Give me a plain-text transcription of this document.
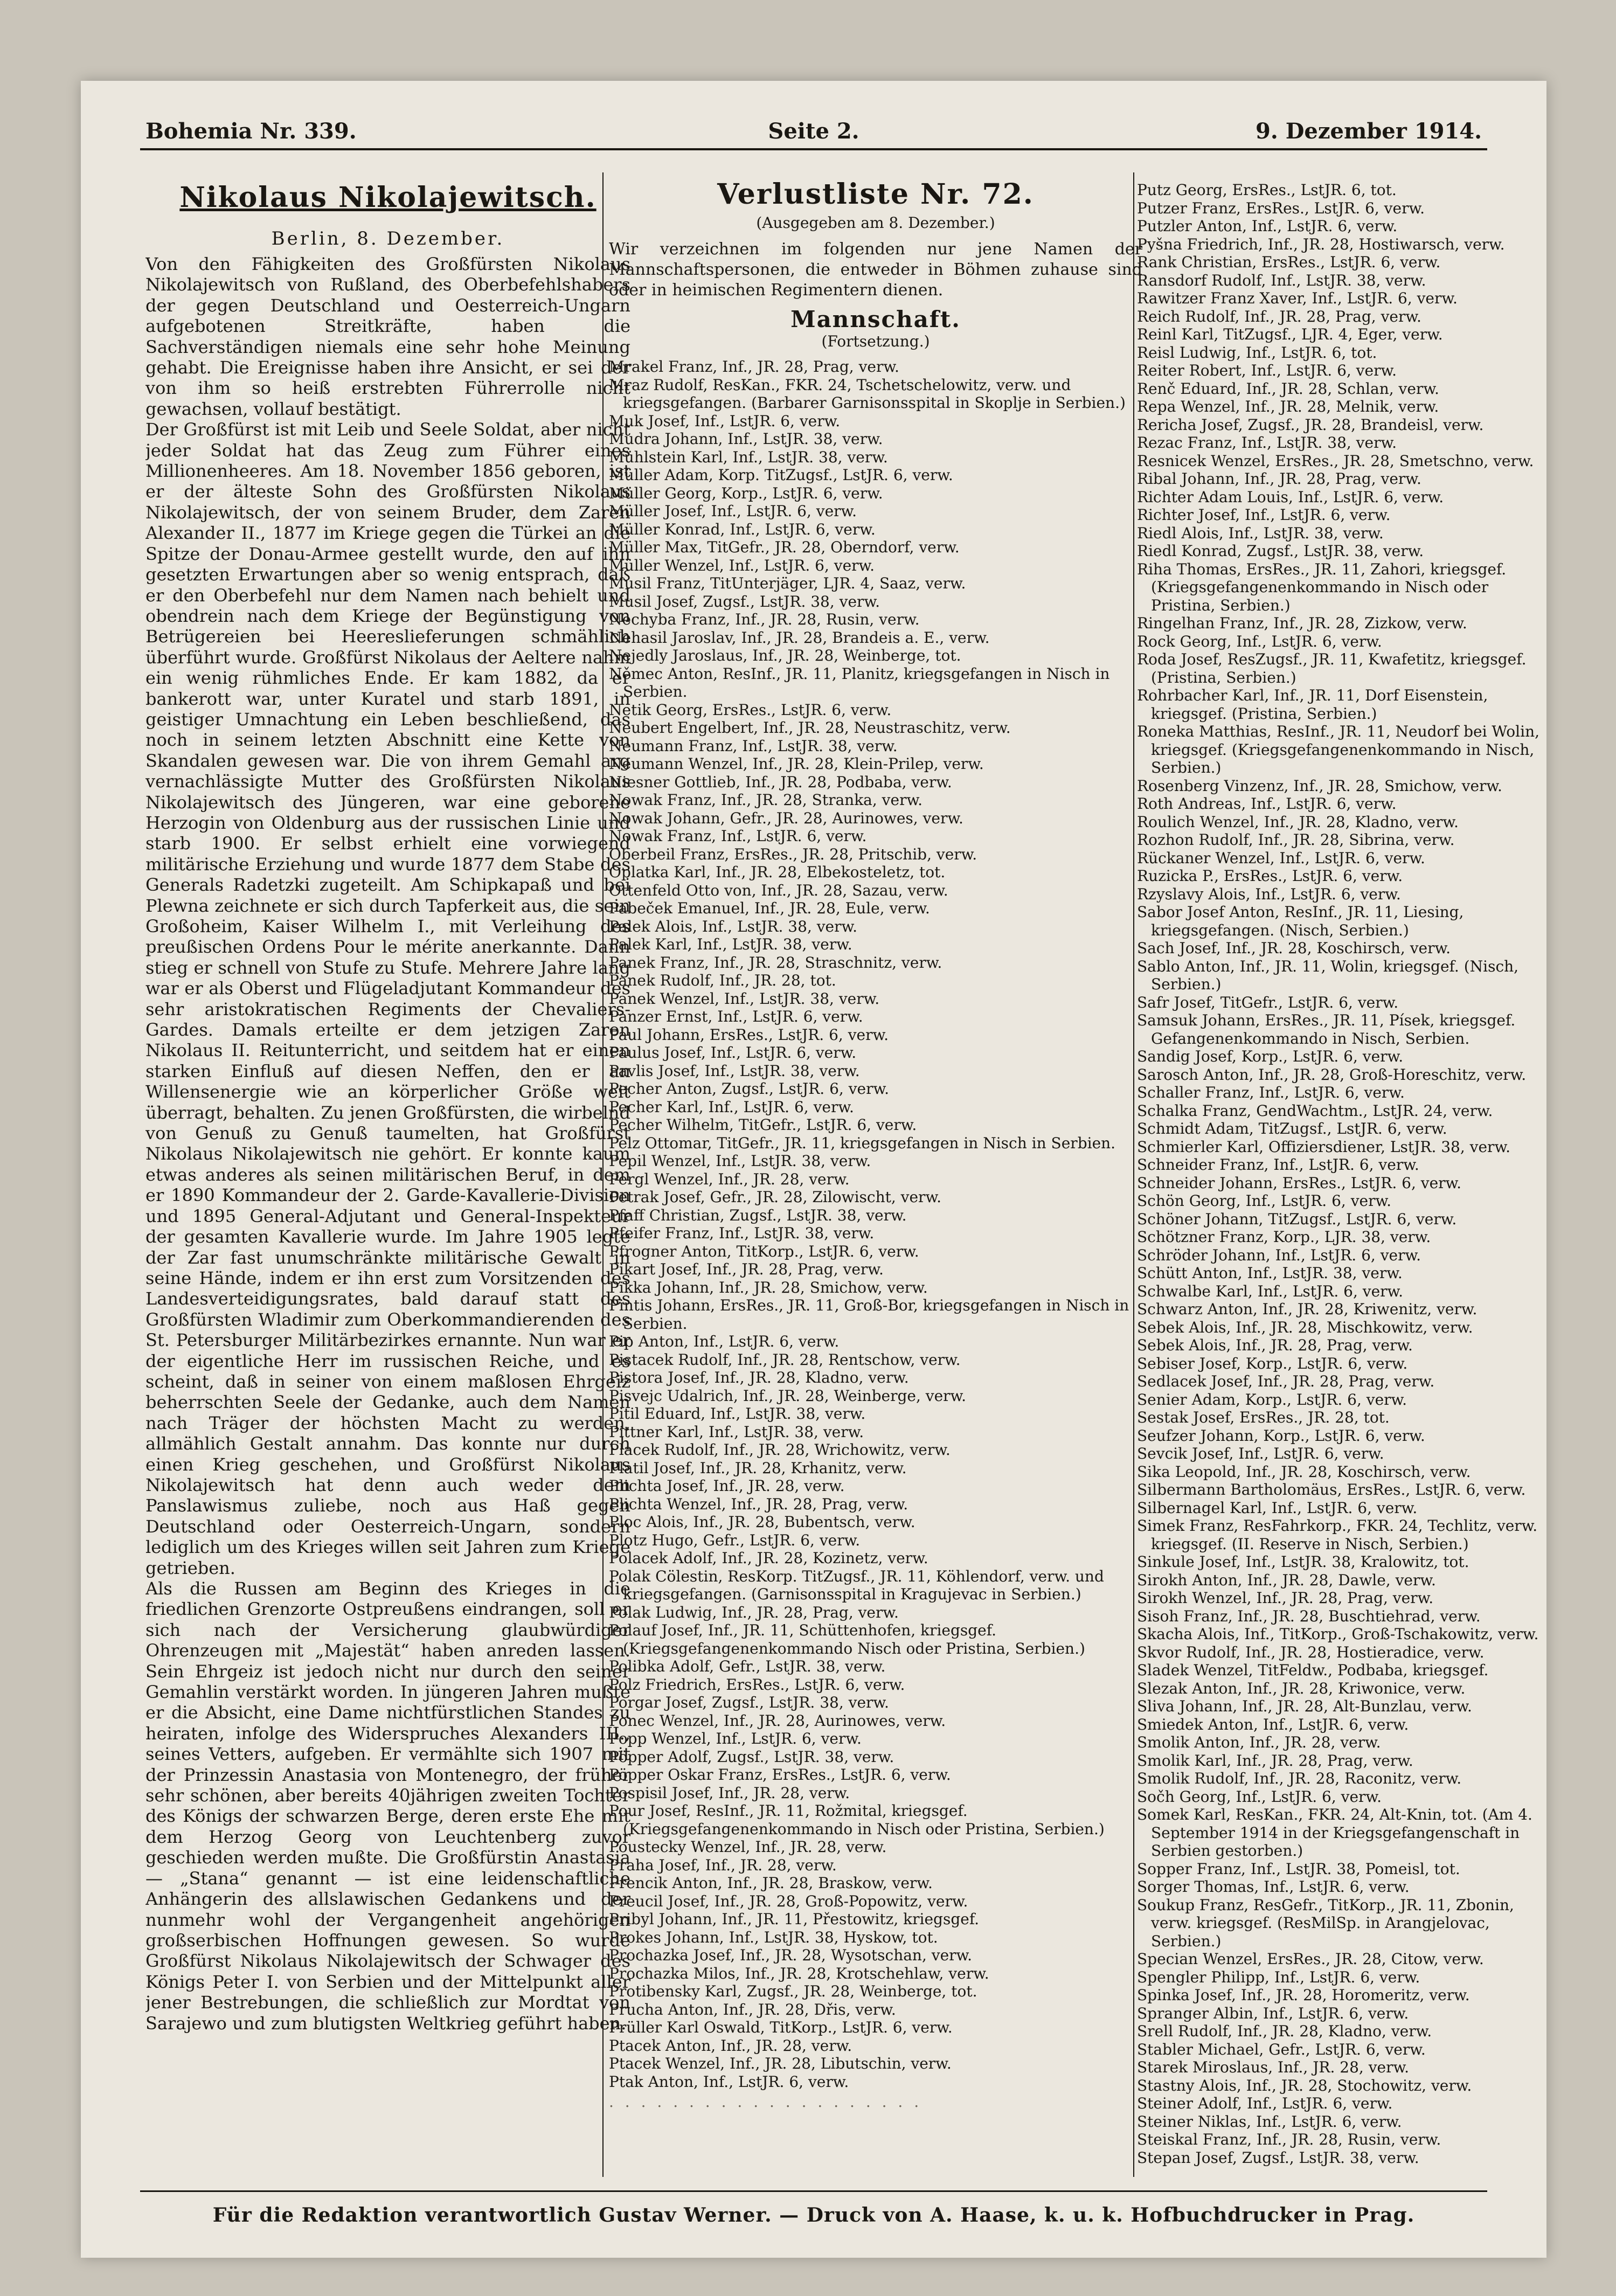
Bohemia Nr. 339.	Seite 2.	9. Dezember 1914.
Nikolaus Nikolajewitsch.
Berlin, 8. Dezember.
Von den Fähigkeiten des Großfürsten Nikolaus Nikolajewitsch von Rußland, des Oberbefehlshabers der gegen Deutschland und Oesterreich-Ungarn aufgebotenen Streitkräfte, haben die Sachverständigen niemals eine sehr hohe Meinung gehabt. Die Ereignisse haben ihre Ansicht, er sei der von ihm so heiß erstrebten Führerrolle nicht gewachsen, vollauf bestätigt.
Der Großfürst ist mit Leib und Seele Soldat, aber nicht jeder Soldat hat das Zeug zum Führer eines Millionenheeres. Am 18. November 1856 geboren, ist er der älteste Sohn des Großfürsten Nikolaus Nikolajewitsch, der von seinem Bruder, dem Zaren Alexander II., 1877 im Kriege gegen die Türkei an die Spitze der Donau-Armee gestellt wurde, den auf ihn gesetzten Erwartungen aber so wenig entsprach, daß er den Oberbefehl nur dem Namen nach behielt und obendrein nach dem Kriege der Begünstigung von Betrügereien bei Heereslieferungen schmählich überführt wurde. Großfürst Nikolaus der Aeltere nahm ein wenig rühmliches Ende. Er kam 1882, da er bankerott war, unter Kuratel und starb 1891, in geistiger Umnachtung ein Leben beschließend, das noch in seinem letzten Abschnitt eine Kette von Skandalen gewesen war. Die von ihrem Gemahl arg vernachlässigte Mutter des Großfürsten Nikolaus Nikolajewitsch des Jüngeren, war eine geborene Herzogin von Oldenburg aus der russischen Linie und starb 1900. Er selbst erhielt eine vorwiegend militärische Erziehung und wurde 1877 dem Stabe des Generals Radetzki zugeteilt. Am Schipkapaß und bei Plewna zeichnete er sich durch Tapferkeit aus, die sein Großoheim, Kaiser Wilhelm I., mit Verleihung des preußischen Ordens Pour le mérite anerkannte. Dann stieg er schnell von Stufe zu Stufe. Mehrere Jahre lang war er als Oberst und Flügeladjutant Kommandeur des sehr aristokratischen Regiments der Chevaliers-Gardes. Damals erteilte er dem jetzigen Zaren Nikolaus II. Reitunterricht, und seitdem hat er einen starken Einfluß auf diesen Neffen, den er an Willensenergie wie an körperlicher Größe weit überragt, behalten. Zu jenen Großfürsten, die wirbelnd von Genuß zu Genuß taumelten, hat Großfürst Nikolaus Nikolajewitsch nie gehört. Er konnte kaum etwas anderes als seinen militärischen Beruf, in dem er 1890 Kommandeur der 2. Garde-Kavallerie-Division und 1895 General-Adjutant und General-Inspekteur der gesamten Kavallerie wurde. Im Jahre 1905 legte der Zar fast unumschränkte militärische Gewalt in seine Hände, indem er ihn erst zum Vorsitzenden des Landesverteidigungsrates, bald darauf statt des Großfürsten Wladimir zum Oberkommandierenden des St. Petersburger Militärbezirkes ernannte. Nun war er der eigentliche Herr im russischen Reiche, und es scheint, daß in seiner von einem maßlosen Ehrgeiz beherrschten Seele der Gedanke, auch dem Namen nach Träger der höchsten Macht zu werden, allmählich Gestalt annahm. Das konnte nur durch einen Krieg geschehen, und Großfürst Nikolaus Nikolajewitsch hat denn auch weder dem Panslawismus zuliebe, noch aus Haß gegen Deutschland oder Oesterreich-Ungarn, sondern lediglich um des Krieges willen seit Jahren zum Kriege getrieben.
Als die Russen am Beginn des Krieges in die friedlichen Grenzorte Ostpreußens eindrangen, soll er sich nach der Versicherung glaubwürdiger Ohrenzeugen mit „Majestät“ haben anreden lassen. Sein Ehrgeiz ist jedoch nicht nur durch den seiner Gemahlin verstärkt worden. In jüngeren Jahren mußte er die Absicht, eine Dame nichtfürstlichen Standes zu heiraten, infolge des Widerspruches Alexanders III., seines Vetters, aufgeben. Er vermählte sich 1907 mit der Prinzessin Anastasia von Montenegro, der früher sehr schönen, aber bereits 40jährigen zweiten Tochter des Königs der schwarzen Berge, deren erste Ehe mit dem Herzog Georg von Leuchtenberg zuvor geschieden werden mußte. Die Großfürstin Anastasia — „Stana“ genannt — ist eine leidenschaftliche Anhängerin des allslawischen Gedankens und der nunmehr wohl der Vergangenheit angehörigen großserbischen Hoffnungen gewesen. So wurde Großfürst Nikolaus Nikolajewitsch der Schwager des Königs Peter I. von Serbien und der Mittelpunkt aller jener Bestrebungen, die schließlich zur Mordtat von Sarajewo und zum blutigsten Weltkrieg geführt haben.
Verlustliste Nr. 72.
(Ausgegeben am 8. Dezember.)
Wir verzeichnen im folgenden nur jene Namen der Mannschaftspersonen, die entweder in Böhmen zuhause sind oder in heimischen Regimentern dienen.
Mannschaft.
(Fortsetzung.)
Mrakel Franz, Inf., JR. 28, Prag, verw.
Mraz Rudolf, ResKan., FKR. 24, Tschetschelowitz, verw. und kriegsgefangen. (Barbarer Garnisonsspital in Skoplje in Serbien.)
Muk Josef, Inf., LstJR. 6, verw.
Mudra Johann, Inf., LstJR. 38, verw.
Mühlstein Karl, Inf., LstJR. 38, verw.
Müller Adam, Korp. TitZugsf., LstJR. 6, verw.
Müller Georg, Korp., LstJR. 6, verw.
Müller Josef, Inf., LstJR. 6, verw.
Müller Konrad, Inf., LstJR. 6, verw.
Müller Max, TitGefr., JR. 28, Oberndorf, verw.
Müller Wenzel, Inf., LstJR. 6, verw.
Musil Franz, TitUnterjäger, LJR. 4, Saaz, verw.
Musil Josef, Zugsf., LstJR. 38, verw.
Nechyba Franz, Inf., JR. 28, Rusin, verw.
Nehasil Jaroslav, Inf., JR. 28, Brandeis a. E., verw.
Nejedly Jaroslaus, Inf., JR. 28, Weinberge, tot.
Němec Anton, ResInf., JR. 11, Planitz, kriegsgefangen in Nisch in Serbien.
Netik Georg, ErsRes., LstJR. 6, verw.
Neubert Engelbert, Inf., JR. 28, Neustraschitz, verw.
Neumann Franz, Inf., LstJR. 38, verw.
Neumann Wenzel, Inf., JR. 28, Klein-Prilep, verw.
Niesner Gottlieb, Inf., JR. 28, Podbaba, verw.
Nowak Franz, Inf., JR. 28, Stranka, verw.
Nowak Johann, Gefr., JR. 28, Aurinowes, verw.
Nowak Franz, Inf., LstJR. 6, verw.
Oberbeil Franz, ErsRes., JR. 28, Pritschib, verw.
Oplatka Karl, Inf., JR. 28, Elbekosteletz, tot.
Ottenfeld Otto von, Inf., JR. 28, Sazau, verw.
Pabeček Emanuel, Inf., JR. 28, Eule, verw.
Palek Alois, Inf., LstJR. 38, verw.
Palek Karl, Inf., LstJR. 38, verw.
Panek Franz, Inf., JR. 28, Straschnitz, verw.
Panek Rudolf, Inf., JR. 28, tot.
Panek Wenzel, Inf., LstJR. 38, verw.
Panzer Ernst, Inf., LstJR. 6, verw.
Paul Johann, ErsRes., LstJR. 6, verw.
Paulus Josef, Inf., LstJR. 6, verw.
Pavlis Josef, Inf., LstJR. 38, verw.
Pecher Anton, Zugsf., LstJR. 6, verw.
Pecher Karl, Inf., LstJR. 6, verw.
Pecher Wilhelm, TitGefr., LstJR. 6, verw.
Pelz Ottomar, TitGefr., JR. 11, kriegsgefangen in Nisch in Serbien.
Pepil Wenzel, Inf., LstJR. 38, verw.
Pergl Wenzel, Inf., JR. 28, verw.
Petrak Josef, Gefr., JR. 28, Zilowischt, verw.
Pfaff Christian, Zugsf., LstJR. 38, verw.
Pfeifer Franz, Inf., LstJR. 38, verw.
Pfrogner Anton, TitKorp., LstJR. 6, verw.
Pikart Josef, Inf., JR. 28, Prag, verw.
Pikka Johann, Inf., JR. 28, Smichow, verw.
Pintis Johann, ErsRes., JR. 11, Groß-Bor, kriegsgefangen in Nisch in Serbien.
Pip Anton, Inf., LstJR. 6, verw.
Pistacek Rudolf, Inf., JR. 28, Rentschow, verw.
Pistora Josef, Inf., JR. 28, Kladno, verw.
Pisvejc Udalrich, Inf., JR. 28, Weinberge, verw.
Pitil Eduard, Inf., LstJR. 38, verw.
Pittner Karl, Inf., LstJR. 38, verw.
Placek Rudolf, Inf., JR. 28, Wrichowitz, verw.
Platil Josef, Inf., JR. 28, Krhanitz, verw.
Plichta Josef, Inf., JR. 28, verw.
Plichta Wenzel, Inf., JR. 28, Prag, verw.
Ploc Alois, Inf., JR. 28, Bubentsch, verw.
Plotz Hugo, Gefr., LstJR. 6, verw.
Polacek Adolf, Inf., JR. 28, Kozinetz, verw.
Polak Cölestin, ResKorp. TitZugsf., JR. 11, Köhlendorf, verw. und kriegsgefangen. (Garnisonsspital in Kragujevac in Serbien.)
Polak Ludwig, Inf., JR. 28, Prag, verw.
Polauf Josef, Inf., JR. 11, Schüttenhofen, kriegsgef. (Kriegsgefangenenkommando Nisch oder Pristina, Serbien.)
Polibka Adolf, Gefr., LstJR. 38, verw.
Polz Friedrich, ErsRes., LstJR. 6, verw.
Porgar Josef, Zugsf., LstJR. 38, verw.
Ponec Wenzel, Inf., JR. 28, Aurinowes, verw.
Popp Wenzel, Inf., LstJR. 6, verw.
Pöpper Adolf, Zugsf., LstJR. 38, verw.
Pöpper Oskar Franz, ErsRes., LstJR. 6, verw.
Pospisil Josef, Inf., JR. 28, verw.
Pour Josef, ResInf., JR. 11, Rožmital, kriegsgef. (Kriegsgefangenenkommando in Nisch oder Pristina, Serbien.)
Poustecky Wenzel, Inf., JR. 28, verw.
Praha Josef, Inf., JR. 28, verw.
Prencik Anton, Inf., JR. 28, Braskow, verw.
Preucil Josef, Inf., JR. 28, Groß-Popowitz, verw.
Pribyl Johann, Inf., JR. 11, Přestowitz, kriegsgef.
Prokes Johann, Inf., LstJR. 38, Hyskow, tot.
Prochazka Josef, Inf., JR. 28, Wysotschan, verw.
Prochazka Milos, Inf., JR. 28, Krotschehlaw, verw.
Protibensky Karl, Zugsf., JR. 28, Weinberge, tot.
Prucha Anton, Inf., JR. 28, Dřis, verw.
Prüller Karl Oswald, TitKorp., LstJR. 6, verw.
Ptacek Anton, Inf., JR. 28, verw.
Ptacek Wenzel, Inf., JR. 28, Libutschin, verw.
Ptak Anton, Inf., LstJR. 6, verw.
. . . . . . . . . . . . . . . . . . . .
Putz Georg, ErsRes., LstJR. 6, tot.
Putzer Franz, ErsRes., LstJR. 6, verw.
Putzler Anton, Inf., LstJR. 6, verw.
Pyšna Friedrich, Inf., JR. 28, Hostiwarsch, verw.
Rank Christian, ErsRes., LstJR. 6, verw.
Ransdorf Rudolf, Inf., LstJR. 38, verw.
Rawitzer Franz Xaver, Inf., LstJR. 6, verw.
Reich Rudolf, Inf., JR. 28, Prag, verw.
Reinl Karl, TitZugsf., LJR. 4, Eger, verw.
Reisl Ludwig, Inf., LstJR. 6, tot.
Reiter Robert, Inf., LstJR. 6, verw.
Renč Eduard, Inf., JR. 28, Schlan, verw.
Repa Wenzel, Inf., JR. 28, Melnik, verw.
Rericha Josef, Zugsf., JR. 28, Brandeisl, verw.
Rezac Franz, Inf., LstJR. 38, verw.
Resnicek Wenzel, ErsRes., JR. 28, Smetschno, verw.
Ribal Johann, Inf., JR. 28, Prag, verw.
Richter Adam Louis, Inf., LstJR. 6, verw.
Richter Josef, Inf., LstJR. 6, verw.
Riedl Alois, Inf., LstJR. 38, verw.
Riedl Konrad, Zugsf., LstJR. 38, verw.
Riha Thomas, ErsRes., JR. 11, Zahori, kriegsgef. (Kriegsgefangenenkommando in Nisch oder Pristina, Serbien.)
Ringelhan Franz, Inf., JR. 28, Zizkow, verw.
Rock Georg, Inf., LstJR. 6, verw.
Roda Josef, ResZugsf., JR. 11, Kwafetitz, kriegsgef. (Pristina, Serbien.)
Rohrbacher Karl, Inf., JR. 11, Dorf Eisenstein, kriegsgef. (Pristina, Serbien.)
Roneka Matthias, ResInf., JR. 11, Neudorf bei Wolin, kriegsgef. (Kriegsgefangenenkommando in Nisch, Serbien.)
Rosenberg Vinzenz, Inf., JR. 28, Smichow, verw.
Roth Andreas, Inf., LstJR. 6, verw.
Roulich Wenzel, Inf., JR. 28, Kladno, verw.
Rozhon Rudolf, Inf., JR. 28, Sibrina, verw.
Rückaner Wenzel, Inf., LstJR. 6, verw.
Ruzicka P., ErsRes., LstJR. 6, verw.
Rzyslavy Alois, Inf., LstJR. 6, verw.
Sabor Josef Anton, ResInf., JR. 11, Liesing, kriegsgefangen. (Nisch, Serbien.)
Sach Josef, Inf., JR. 28, Koschirsch, verw.
Sablo Anton, Inf., JR. 11, Wolin, kriegsgef. (Nisch, Serbien.)
Safr Josef, TitGefr., LstJR. 6, verw.
Samsuk Johann, ErsRes., JR. 11, Písek, kriegsgef. Gefangenenkommando in Nisch, Serbien.
Sandig Josef, Korp., LstJR. 6, verw.
Sarosch Anton, Inf., JR. 28, Groß-Horeschitz, verw.
Schaller Franz, Inf., LstJR. 6, verw.
Schalka Franz, GendWachtm., LstJR. 24, verw.
Schmidt Adam, TitZugsf., LstJR. 6, verw.
Schmierler Karl, Offiziersdiener, LstJR. 38, verw.
Schneider Franz, Inf., LstJR. 6, verw.
Schneider Johann, ErsRes., LstJR. 6, verw.
Schön Georg, Inf., LstJR. 6, verw.
Schöner Johann, TitZugsf., LstJR. 6, verw.
Schötzner Franz, Korp., LJR. 38, verw.
Schröder Johann, Inf., LstJR. 6, verw.
Schütt Anton, Inf., LstJR. 38, verw.
Schwalbe Karl, Inf., LstJR. 6, verw.
Schwarz Anton, Inf., JR. 28, Kriwenitz, verw.
Sebek Alois, Inf., JR. 28, Mischkowitz, verw.
Sebek Alois, Inf., JR. 28, Prag, verw.
Sebiser Josef, Korp., LstJR. 6, verw.
Sedlacek Josef, Inf., JR. 28, Prag, verw.
Senier Adam, Korp., LstJR. 6, verw.
Sestak Josef, ErsRes., JR. 28, tot.
Seufzer Johann, Korp., LstJR. 6, verw.
Sevcik Josef, Inf., LstJR. 6, verw.
Sika Leopold, Inf., JR. 28, Koschirsch, verw.
Silbermann Bartholomäus, ErsRes., LstJR. 6, verw.
Silbernagel Karl, Inf., LstJR. 6, verw.
Simek Franz, ResFahrkorp., FKR. 24, Techlitz, verw. kriegsgef. (II. Reserve in Nisch, Serbien.)
Sinkule Josef, Inf., LstJR. 38, Kralowitz, tot.
Sirokh Anton, Inf., JR. 28, Dawle, verw.
Sirokh Wenzel, Inf., JR. 28, Prag, verw.
Sisoh Franz, Inf., JR. 28, Buschtiehrad, verw.
Skacha Alois, Inf., TitKorp., Groß-Tschakowitz, verw.
Skvor Rudolf, Inf., JR. 28, Hostieradice, verw.
Sladek Wenzel, TitFeldw., Podbaba, kriegsgef.
Slezak Anton, Inf., JR. 28, Kriwonice, verw.
Sliva Johann, Inf., JR. 28, Alt-Bunzlau, verw.
Smiedek Anton, Inf., LstJR. 6, verw.
Smolik Anton, Inf., JR. 28, verw.
Smolik Karl, Inf., JR. 28, Prag, verw.
Smolik Rudolf, Inf., JR. 28, Raconitz, verw.
Sočh Georg, Inf., LstJR. 6, verw.
Somek Karl, ResKan., FKR. 24, Alt-Knin, tot. (Am 4. September 1914 in der Kriegsgefangenschaft in Serbien gestorben.)
Sopper Franz, Inf., LstJR. 38, Pomeisl, tot.
Sorger Thomas, Inf., LstJR. 6, verw.
Soukup Franz, ResGefr., TitKorp., JR. 11, Zbonin, verw. kriegsgef. (ResMilSp. in Arangjelovac, Serbien.)
Specian Wenzel, ErsRes., JR. 28, Citow, verw.
Spengler Philipp, Inf., LstJR. 6, verw.
Spinka Josef, Inf., JR. 28, Horomeritz, verw.
Spranger Albin, Inf., LstJR. 6, verw.
Srell Rudolf, Inf., JR. 28, Kladno, verw.
Stabler Michael, Gefr., LstJR. 6, verw.
Starek Miroslaus, Inf., JR. 28, verw.
Stastny Alois, Inf., JR. 28, Stochowitz, verw.
Steiner Adolf, Inf., LstJR. 6, verw.
Steiner Niklas, Inf., LstJR. 6, verw.
Steiskal Franz, Inf., JR. 28, Rusin, verw.
Stepan Josef, Zugsf., LstJR. 38, verw.
Für die Redaktion verantwortlich Gustav Werner. — Druck von A. Haase, k. u. k. Hofbuchdrucker in Prag.
